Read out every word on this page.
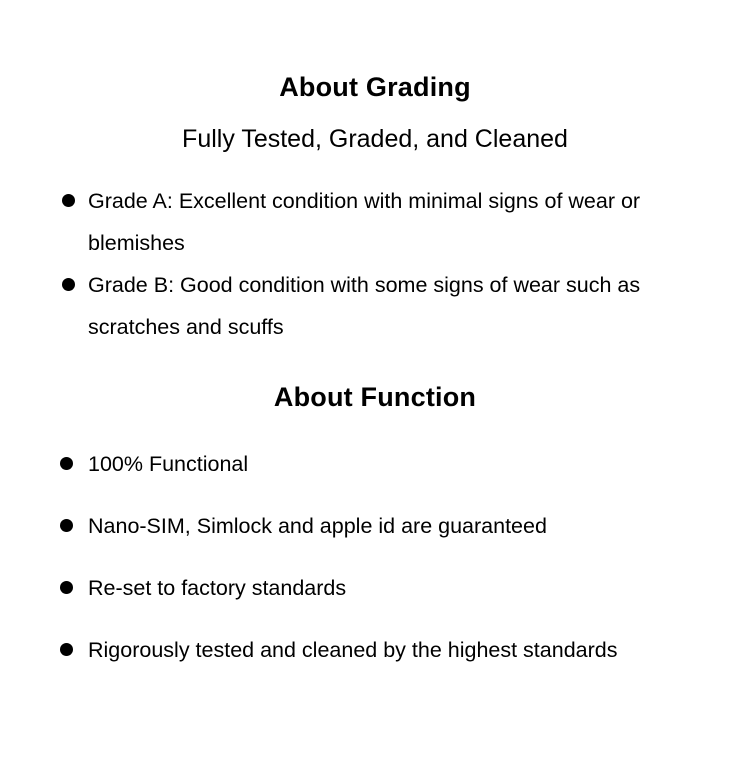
About Grading
Fully Tested, Graded, and Cleaned
Grade A: Excellent condition with minimal signs of wear or blemishes
Grade B: Good condition with some signs of wear such as scratches and scuffs
About Function
100% Functional
Nano-SIM, Simlock and apple id are guaranteed
Re-set to factory standards
Rigorously tested and cleaned by the highest standards
